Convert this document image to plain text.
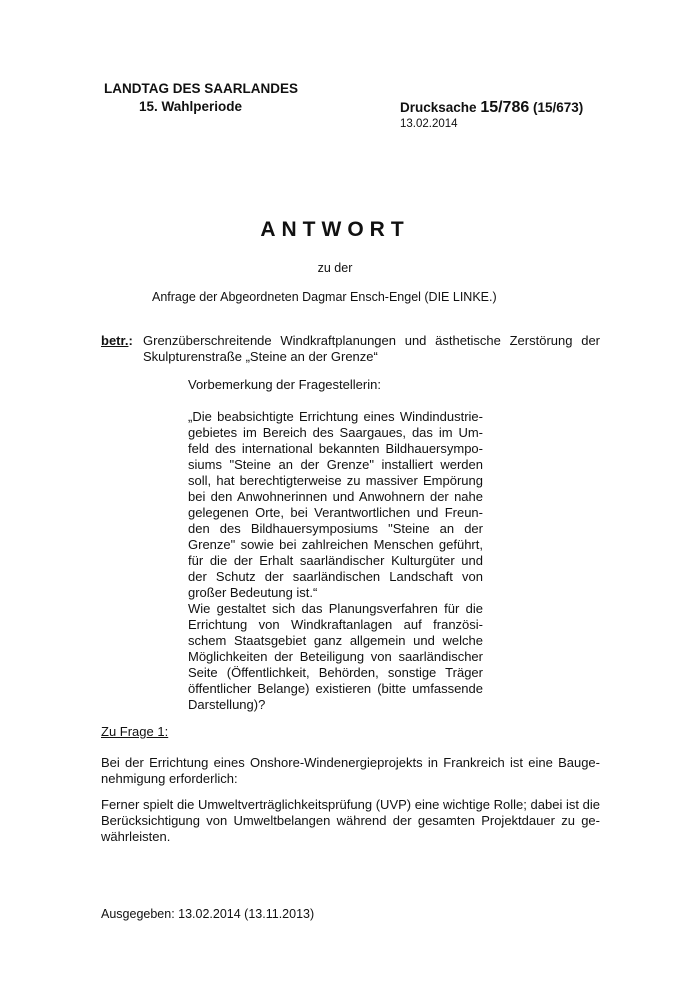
LANDTAG DES SAARLANDES
15. Wahlperiode	Drucksache 15/786 (15/673)
13.02.2014
ANTWORT
zu der
Anfrage der Abgeordneten Dagmar Ensch-Engel (DIE LINKE.)
betr.: Grenzüberschreitende Windkraftplanungen und ästhetische Zerstörung der Skulpturenstraße „Steine an der Grenze“
Vorbemerkung der Fragestellerin:
„Die beabsichtigte Errichtung eines Windindustrie-
gebietes im Bereich des Saargaues, das im Um-
feld des international bekannten Bildhauersympo-
siums "Steine an der Grenze" installiert werden
soll, hat berechtigterweise zu massiver Empörung
bei den Anwohnerinnen und Anwohnern der nahe
gelegenen Orte, bei Verantwortlichen und Freun-
den des Bildhauersymposiums "Steine an der
Grenze" sowie bei zahlreichen Menschen geführt,
für die der Erhalt saarländischer Kulturgüter und
der Schutz der saarländischen Landschaft von
großer Bedeutung ist.“
Wie gestaltet sich das Planungsverfahren für die
Errichtung von Windkraftanlagen auf französi-
schem Staatsgebiet ganz allgemein und welche
Möglichkeiten der Beteiligung von saarländischer
Seite (Öffentlichkeit, Behörden, sonstige Träger
öffentlicher Belange) existieren (bitte umfassende
Darstellung)?
Zu Frage 1:
Bei der Errichtung eines Onshore-Windenergieprojekts in Frankreich ist eine Bauge-
nehmigung erforderlich:
Ferner spielt die Umweltverträglichkeitsprüfung (UVP) eine wichtige Rolle; dabei ist die
Berücksichtigung von Umweltbelangen während der gesamten Projektdauer zu ge-
währleisten.
Ausgegeben: 13.02.2014 (13.11.2013)
